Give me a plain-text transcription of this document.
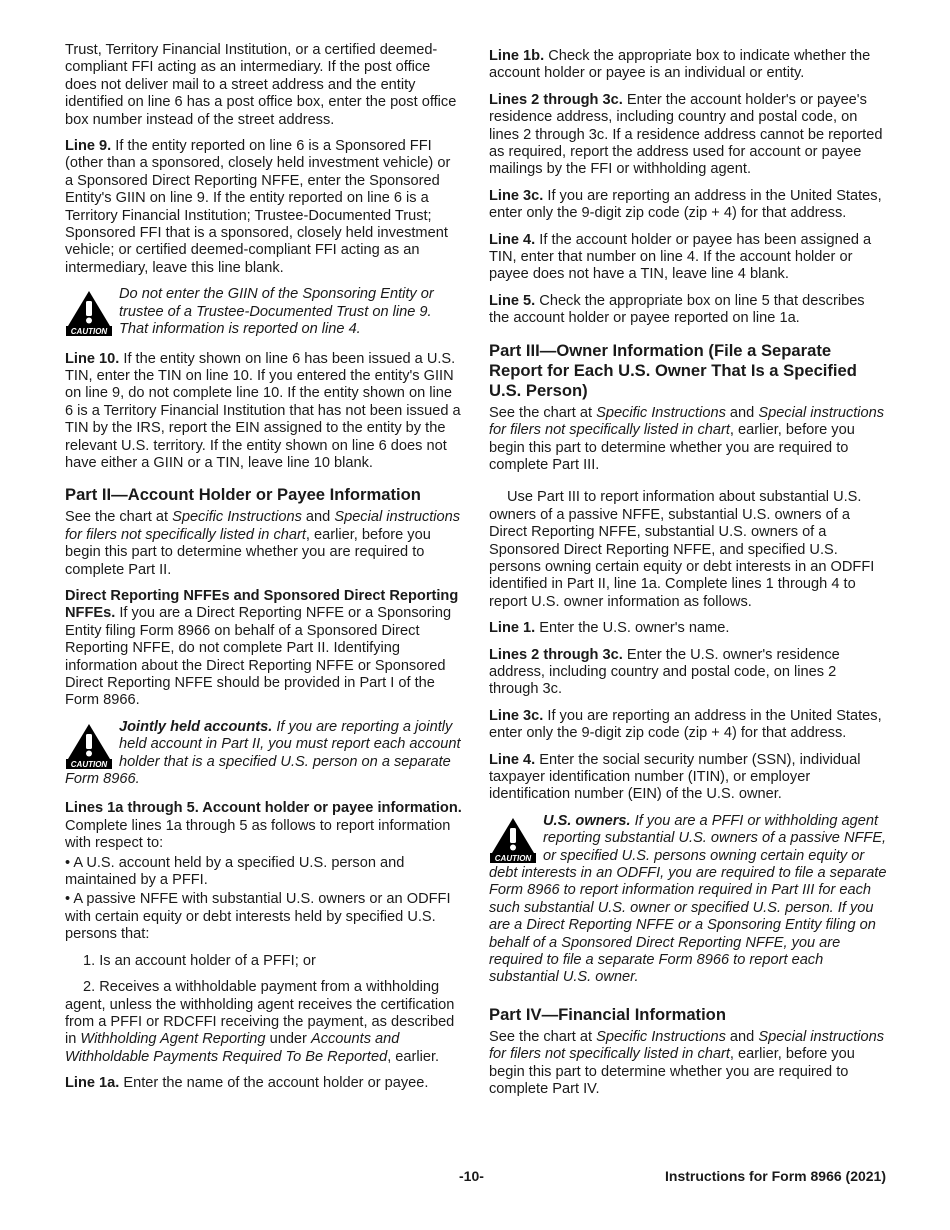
Trust, Territory Financial Institution, or a certified deemed-compliant FFI acting as an intermediary. If the post office does not deliver mail to a street address and the entity identified on line 6 has a post office box, enter the post office box number instead of the street address.

Line 9. If the entity reported on line 6 is a Sponsored FFI (other than a sponsored, closely held investment vehicle) or a Sponsored Direct Reporting NFFE, enter the Sponsored Entity's GIIN on line 9. If the entity reported on line 6 is a Territory Financial Institution; Trustee-Documented Trust; Sponsored FFI that is a sponsored, closely held investment vehicle; or certified deemed-compliant FFI acting as an intermediary, leave this line blank.

CAUTION
Do not enter the GIIN of the Sponsoring Entity or trustee of a Trustee-Documented Trust on line 9. That information is reported on line 4.

Line 10. If the entity shown on line 6 has been issued a U.S. TIN, enter the TIN on line 10. If you entered the entity's GIIN on line 9, do not complete line 10. If the entity shown on line 6 is a Territory Financial Institution that has not been issued a TIN by the IRS, report the EIN assigned to the entity by the relevant U.S. territory. If the entity shown on line 6 does not have either a GIIN or a TIN, leave line 10 blank.

Part II—Account Holder or Payee Information

See the chart at Specific Instructions and Special instructions for filers not specifically listed in chart, earlier, before you begin this part to determine whether you are required to complete Part II.

Direct Reporting NFFEs and Sponsored Direct Reporting NFFEs. If you are a Direct Reporting NFFE or a Sponsoring Entity filing Form 8966 on behalf of a Sponsored Direct Reporting NFFE, do not complete Part II. Identifying information about the Direct Reporting NFFE or Sponsored Direct Reporting NFFE should be provided in Part I of the Form 8966.

CAUTION
Jointly held accounts. If you are reporting a jointly held account in Part II, you must report each account holder that is a specified U.S. person on a separate Form 8966.

Lines 1a through 5. Account holder or payee information. Complete lines 1a through 5 as follows to report information with respect to:

• A U.S. account held by a specified U.S. person and maintained by a PFFI.

• A passive NFFE with substantial U.S. owners or an ODFFI with certain equity or debt interests held by specified U.S. persons that:

1. Is an account holder of a PFFI; or

2. Receives a withholdable payment from a withholding agent, unless the withholding agent receives the certification from a PFFI or RDCFFI receiving the payment, as described in Withholding Agent Reporting under Accounts and Withholdable Payments Required To Be Reported, earlier.

Line 1a. Enter the name of the account holder or payee.

Line 1b. Check the appropriate box to indicate whether the account holder or payee is an individual or entity.

Lines 2 through 3c. Enter the account holder's or payee's residence address, including country and postal code, on lines 2 through 3c. If a residence address cannot be reported as required, report the address used for account or payee mailings by the FFI or withholding agent.

Line 3c. If you are reporting an address in the United States, enter only the 9-digit zip code (zip + 4) for that address.

Line 4. If the account holder or payee has been assigned a TIN, enter that number on line 4. If the account holder or payee does not have a TIN, leave line 4 blank.

Line 5. Check the appropriate box on line 5 that describes the account holder or payee reported on line 1a.

Part III—Owner Information (File a Separate Report for Each U.S. Owner That Is a Specified U.S. Person)

See the chart at Specific Instructions and Special instructions for filers not specifically listed in chart, earlier, before you begin this part to determine whether you are required to complete Part III.

Use Part III to report information about substantial U.S. owners of a passive NFFE, substantial U.S. owners of a Direct Reporting NFFE, substantial U.S. owners of a Sponsored Direct Reporting NFFE, and specified U.S. persons owning certain equity or debt interests in an ODFFI identified in Part II, line 1a. Complete lines 1 through 4 to report U.S. owner information as follows.

Line 1. Enter the U.S. owner's name.

Lines 2 through 3c. Enter the U.S. owner's residence address, including country and postal code, on lines 2 through 3c.

Line 3c. If you are reporting an address in the United States, enter only the 9-digit zip code (zip + 4) for that address.

Line 4. Enter the social security number (SSN), individual taxpayer identification number (ITIN), or employer identification number (EIN) of the U.S. owner.

CAUTION
U.S. owners. If you are a PFFI or withholding agent reporting substantial U.S. owners of a passive NFFE, or specified U.S. persons owning certain equity or debt interests in an ODFFI, you are required to file a separate Form 8966 to report information required in Part III for each such substantial U.S. owner or specified U.S. person. If you are a Direct Reporting NFFE or a Sponsoring Entity filing on behalf of a Sponsored Direct Reporting NFFE, you are required to file a separate Form 8966 to report each substantial U.S. owner.
Part IV—Financial Information

See the chart at Specific Instructions and Special instructions for filers not specifically listed in chart, earlier, before you begin this part to determine whether you are required to complete Part IV.

-10-	Instructions for Form 8966 (2021)
